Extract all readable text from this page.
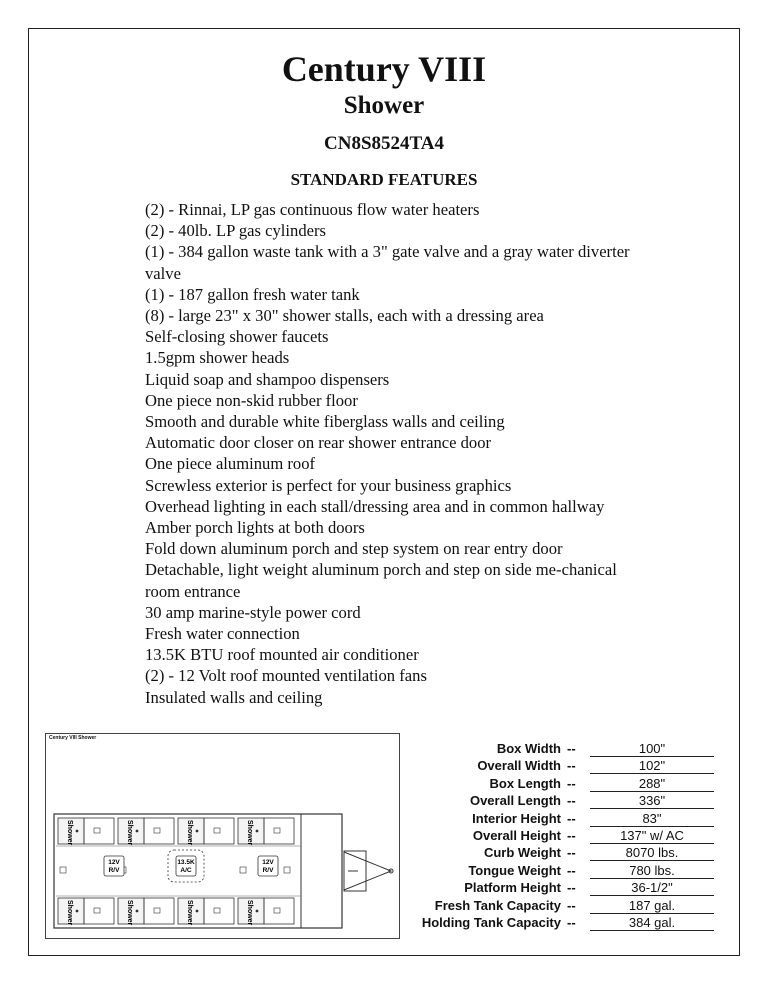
Century VIII
Shower
CN8S8524TA4
STANDARD FEATURES
(2) - Rinnai, LP gas continuous flow water heaters
(2) - 40lb. LP gas cylinders
(1) - 384 gallon waste tank with a 3" gate valve and a gray water diverter valve
(1) - 187 gallon fresh water tank
(8) - large 23" x 30" shower stalls, each with a dressing area
Self-closing shower faucets
1.5gpm shower heads
Liquid soap and shampoo dispensers
One piece non-skid rubber floor
Smooth and durable white fiberglass walls and ceiling
Automatic door closer on rear shower entrance door
One piece aluminum roof
Screwless exterior is perfect for your business graphics
Overhead lighting in each stall/dressing area and in common hallway
Amber porch lights at both doors
Fold down aluminum porch and step system on rear entry door
Detachable, light weight aluminum porch and step on side me-chanical room entrance
30 amp marine-style power cord
Fresh water connection
13.5K BTU roof mounted air conditioner
(2) - 12 Volt roof mounted ventilation fans
Insulated walls and ceiling
Century VIII Shower
Shower	Shower	Shower	Shower
Shower	Shower	Shower	Shower
12V
R/V
12V
R/V
13.5K
A/C
Box Width --	100"
Overall Width --	102"
Box Length --	288"
Overall Length --	336"
Interior Height --	83"
Overall Height --	137" w/ AC
Curb Weight --	8070 lbs.
Tongue Weight --	780 lbs.
Platform Height --	36-1/2"
Fresh Tank Capacity --	187 gal.
Holding Tank Capacity --	384 gal.
